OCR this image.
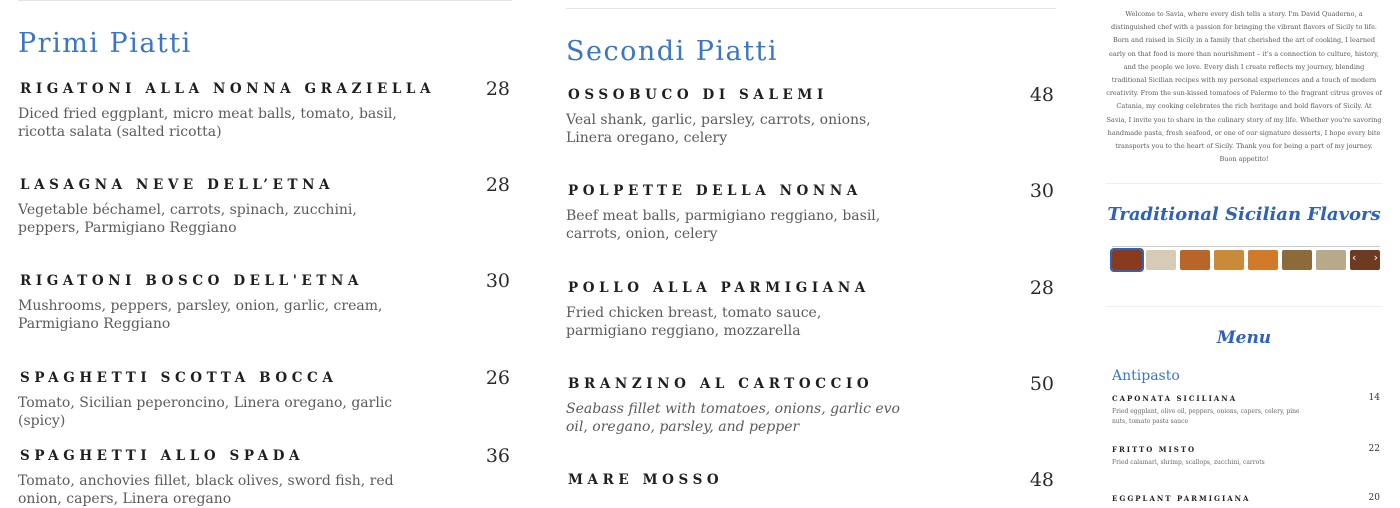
Primi Piatti
RIGATONI ALLA NONNA GRAZIELLA	28
Diced fried eggplant, micro meat balls, tomato, basil, ricotta salata (salted ricotta)
LASAGNA NEVE DELL’ETNA	28
Vegetable béchamel, carrots, spinach, zucchini, peppers, Parmigiano Reggiano
RIGATONI BOSCO DELL'ETNA	30
Mushrooms, peppers, parsley, onion, garlic, cream, Parmigiano Reggiano
SPAGHETTI SCOTTA BOCCA	26
Tomato, Sicilian peperoncino, Linera oregano, garlic (spicy)
SPAGHETTI ALLO SPADA	36
Tomato, anchovies fillet, black olives, sword fish, red onion, capers, Linera oregano
Secondi Piatti
OSSOBUCO DI SALEMI	48
Veal shank, garlic, parsley, carrots, onions, Linera oregano, celery
POLPETTE DELLA NONNA	30
Beef meat balls, parmigiano reggiano, basil, carrots, onion, celery
POLLO ALLA PARMIGIANA	28
Fried chicken breast, tomato sauce, parmigiano reggiano, mozzarella
BRANZINO AL CARTOCCIO	50
Seabass fillet with tomatoes, onions, garlic evo oil, oregano, parsley, and pepper
MARE MOSSO	48
Welcome to Savia, where every dish tells a story. I'm David Quaderno, a distinguished chef with a passion for bringing the vibrant flavors of Sicily to life. Born and raised in Sicily in a family that cherished the art of cooking, I learned early on that food is more than nourishment – it's a connection to culture, history, and the people we love. Every dish I create reflects my journey, blending traditional Sicilian recipes with my personal experiences and a touch of modern creativity. From the sun-kissed tomatoes of Palermo to the fragrant citrus groves of Catania, my cooking celebrates the rich heritage and bold flavors of Sicily. At Savia, I invite you to share in the culinary story of my life. Whether you're savoring handmade pasta, fresh seafood, or one of our signature desserts, I hope every bite transports you to the heart of Sicily. Thank you for being a part of my journey. Buon appetito!
Traditional Sicilian Flavors
‹ ›
Menu
Antipasto
CAPONATA SICILIANA	14
Fried eggplant, olive oil, peppers, onions, capers, celery, pine nuts, tomato pasta sauce
FRITTO MISTO	22
Fried calamari, shrimp, scallops, zucchini, carrots
EGGPLANT PARMIGIANA	20
